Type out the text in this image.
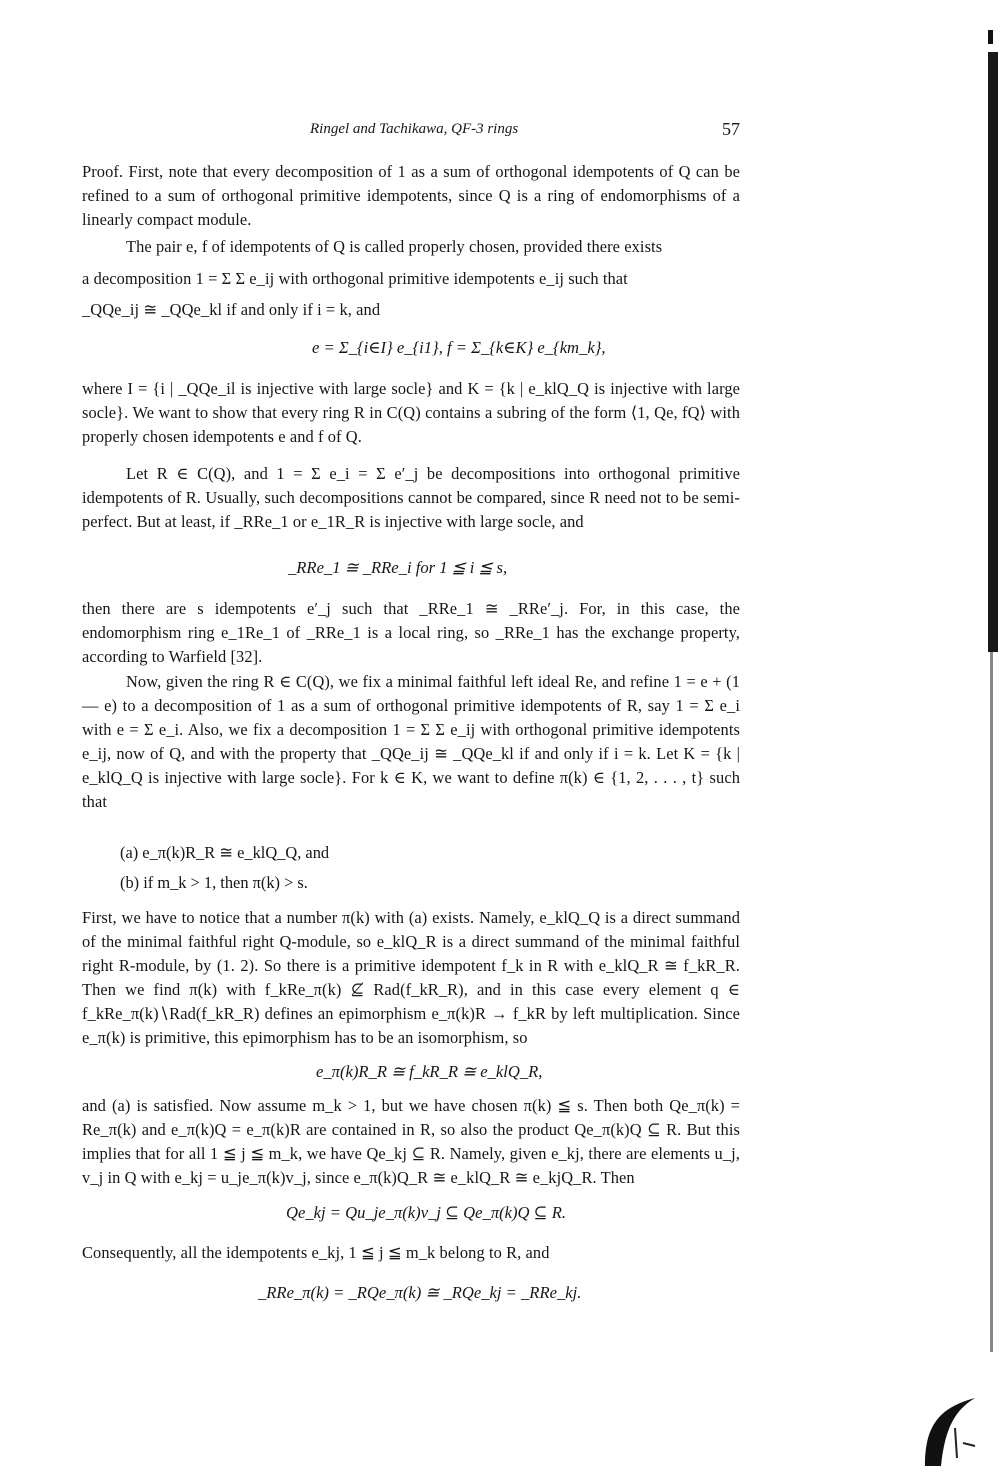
Ringel and Tachikawa, QF-3 rings	57
Proof. First, note that every decomposition of 1 as a sum of orthogonal idempotents of Q can be refined to a sum of orthogonal primitive idempotents, since Q is a ring of endomorphisms of a linearly compact module.
The pair e, f of idempotents of Q is called properly chosen, provided there exists
a decomposition 1 = Σ Σ e_ij with orthogonal primitive idempotents e_ij such that
_QQe_ij ≅ _QQe_kl if and only if i = k, and
e = Σ_{i∈I} e_{i1}, f = Σ_{k∈K} e_{km_k},
where I = {i | _QQe_il is injective with large socle} and K = {k | e_klQ_Q is injective with large socle}. We want to show that every ring R in C(Q) contains a subring of the form ⟨1, Qe, fQ⟩ with properly chosen idempotents e and f of Q.
Let R ∈ C(Q), and 1 = Σ e_i = Σ e′_j be decompositions into orthogonal primitive idempotents of R. Usually, such decompositions cannot be compared, since R need not to be semi-perfect. But at least, if _RRe_1 or e_1R_R is injective with large socle, and
_RRe_1 ≅ _RRe_i for 1 ≦ i ≦ s,
then there are s idempotents e′_j such that _RRe_1 ≅ _RRe′_j. For, in this case, the endomorphism ring e_1Re_1 of _RRe_1 is a local ring, so _RRe_1 has the exchange property, according to Warfield [32].
Now, given the ring R ∈ C(Q), we fix a minimal faithful left ideal Re, and refine 1 = e + (1 — e) to a decomposition of 1 as a sum of orthogonal primitive idempotents of R, say 1 = Σ e_i with e = Σ e_i. Also, we fix a decomposition 1 = Σ Σ e_ij with orthogonal primitive idempotents e_ij, now of Q, and with the property that _QQe_ij ≅ _QQe_kl if and only if i = k. Let K = {k | e_klQ_Q is injective with large socle}. For k ∈ K, we want to define π(k) ∈ {1, 2, . . . , t} such that
(a) e_π(k)R_R ≅ e_klQ_Q, and
(b) if m_k > 1, then π(k) > s.
First, we have to notice that a number π(k) with (a) exists. Namely, e_klQ_Q is a direct summand of the minimal faithful right Q-module, so e_klQ_R is a direct summand of the minimal faithful right R-module, by (1. 2). So there is a primitive idempotent f_k in R with e_klQ_R ≅ f_kR_R. Then we find π(k) with f_kRe_π(k) ⊈ Rad(f_kR_R), and in this case every element q ∈ f_kRe_π(k)∖Rad(f_kR_R) defines an epimorphism e_π(k)R → f_kR by left multiplication. Since e_π(k) is primitive, this epimorphism has to be an isomorphism, so
e_π(k)R_R ≅ f_kR_R ≅ e_klQ_R,
and (a) is satisfied. Now assume m_k > 1, but we have chosen π(k) ≦ s. Then both Qe_π(k) = Re_π(k) and e_π(k)Q = e_π(k)R are contained in R, so also the product Qe_π(k)Q ⊆ R. But this implies that for all 1 ≦ j ≦ m_k, we have Qe_kj ⊆ R. Namely, given e_kj, there are elements u_j, v_j in Q with e_kj = u_je_π(k)v_j, since e_π(k)Q_R ≅ e_klQ_R ≅ e_kjQ_R. Then
Qe_kj = Qu_je_π(k)v_j ⊆ Qe_π(k)Q ⊆ R.
Consequently, all the idempotents e_kj, 1 ≦ j ≦ m_k belong to R, and
_RRe_π(k) = _RQe_π(k) ≅ _RQe_kj = _RRe_kj.
